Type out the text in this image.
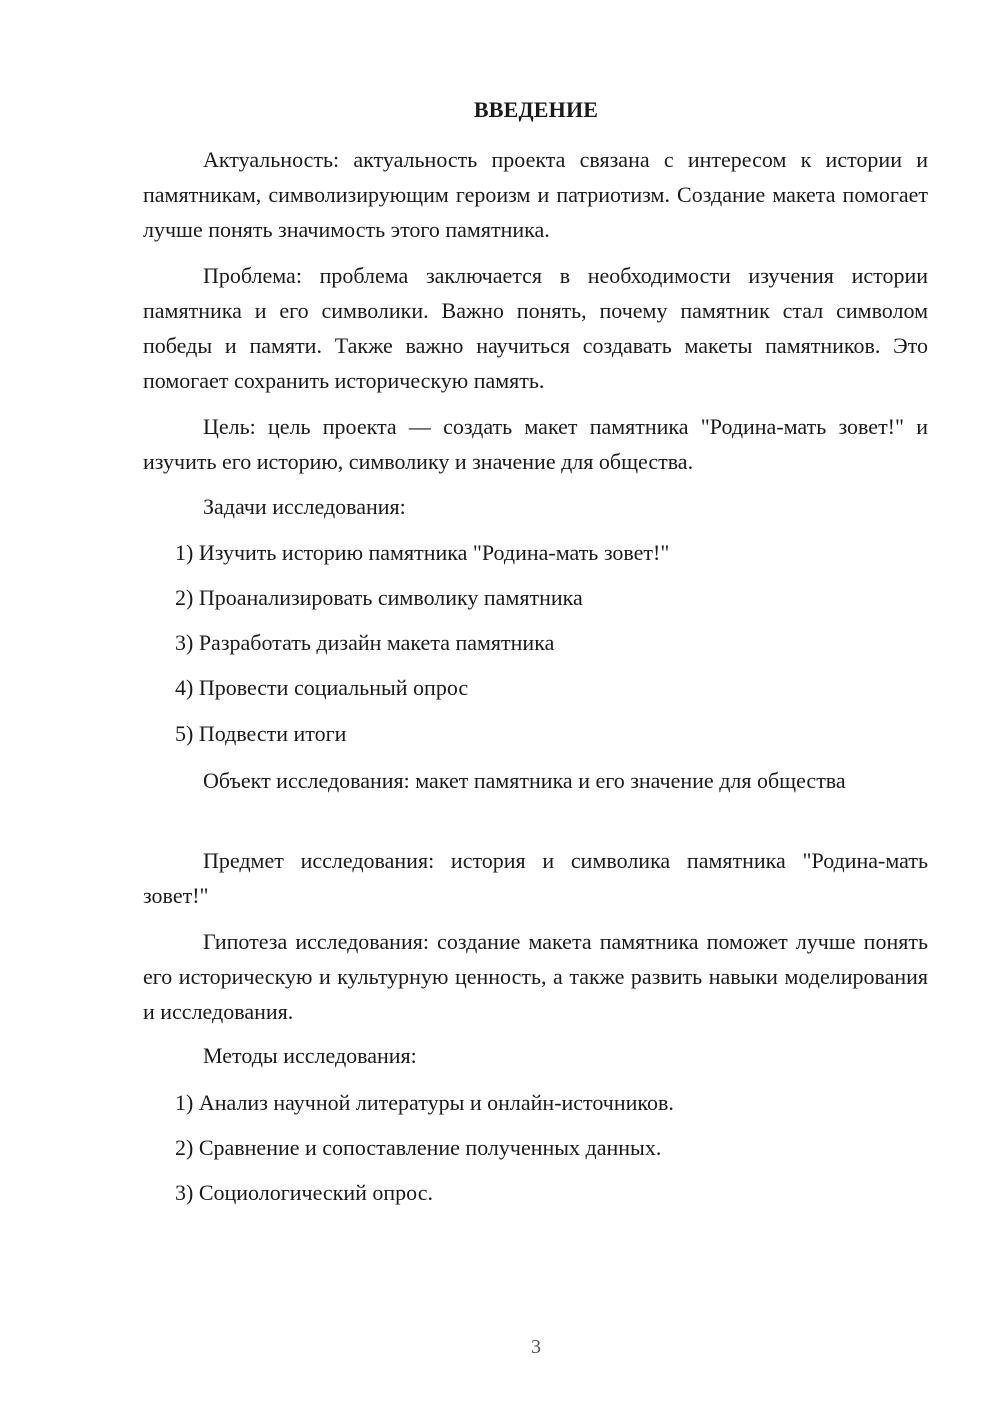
ВВЕДЕНИЕ

Актуальность: актуальность проекта связана с интересом к истории и памятникам, символизирующим героизм и патриотизм. Создание макета помогает лучше понять значимость этого памятника.

Проблема: проблема заключается в необходимости изучения истории памятника и его символики. Важно понять, почему памятник стал символом победы и памяти. Также важно научиться создавать макеты памятников. Это помогает сохранить историческую память.

Цель: цель проекта — создать макет памятника "Родина-мать зовет!" и изучить его историю, символику и значение для общества.

Задачи исследования:
1) Изучить историю памятника "Родина-мать зовет!"
2) Проанализировать символику памятника
3) Разработать дизайн макета памятника
4) Провести социальный опрос
5) Подвести итоги

Объект исследования: макет памятника и его значение для общества

Предмет исследования: история и символика памятника "Родина-мать зовет!"

Гипотеза исследования: создание макета памятника поможет лучше понять его историческую и культурную ценность, а также развить навыки моделирования и исследования.

Методы исследования:
1) Анализ научной литературы и онлайн-источников.
2) Сравнение и сопоставление полученных данных.
3) Социологический опрос.
3
